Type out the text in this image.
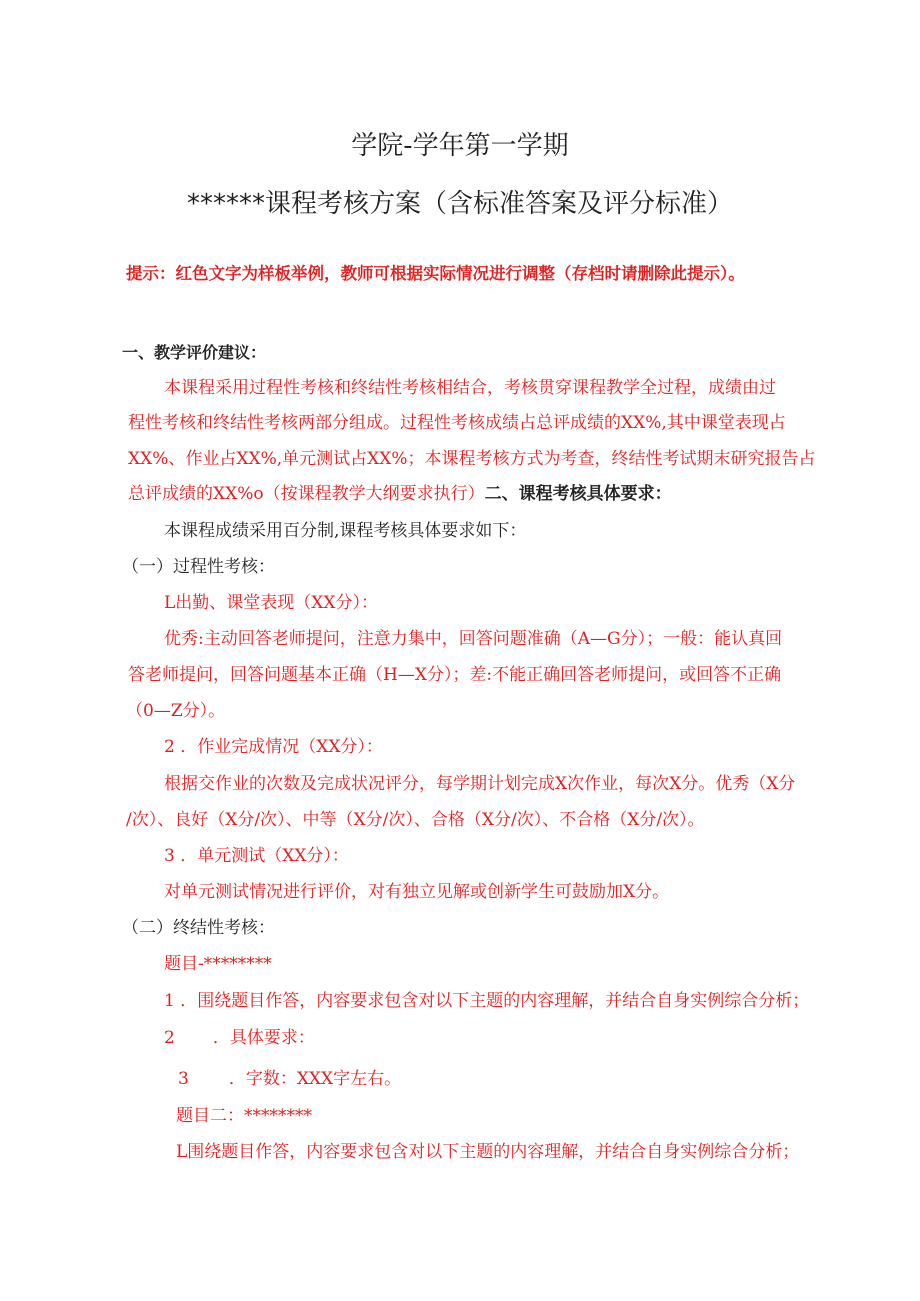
学院-学年第一学期
******课程考核方案（含标准答案及评分标准）
提示：红色文字为样板举例，教师可根据实际情况进行调整（存档时请删除此提示）。
一、教学评价建议：
本课程采用过程性考核和终结性考核相结合，考核贯穿课程教学全过程，成绩由过
程性考核和终结性考核两部分组成。过程性考核成绩占总评成绩的XX%,其中课堂表现占
XX%、作业占XX%,单元测试占XX%；本课程考核方式为考查，终结性考试期末研究报告占
总评成绩的XX%o（按课程教学大纲要求执行）二、课程考核具体要求：
本课程成绩采用百分制,课程考核具体要求如下：
（一）过程性考核：
L出勤、课堂表现（XX分）：
优秀:主动回答老师提问，注意力集中，回答问题准确（A—G分）；一般：能认真回
答老师提问，回答问题基本正确（H—X分）；差:不能正确回答老师提问，或回答不正确
（0—Z分）。
2 ．作业完成情况（XX分）：
根据交作业的次数及完成状况评分，每学期计划完成X次作业，每次X分。优秀（X分
/次）、良好（X分/次）、中等（X分/次）、合格（X分/次）、不合格（X分/次）。
3 ．单元测试（XX分）：
对单元测试情况进行评价，对有独立见解或创新学生可鼓励加X分。
（二）终结性考核：
题目-********
1 ．围绕题目作答，内容要求包含对以下主题的内容理解，并结合自身实例综合分析；
2 ．具体要求：
3 ．字数：XXX字左右。
题目二：********
L围绕题目作答，内容要求包含对以下主题的内容理解，并结合自身实例综合分析；
